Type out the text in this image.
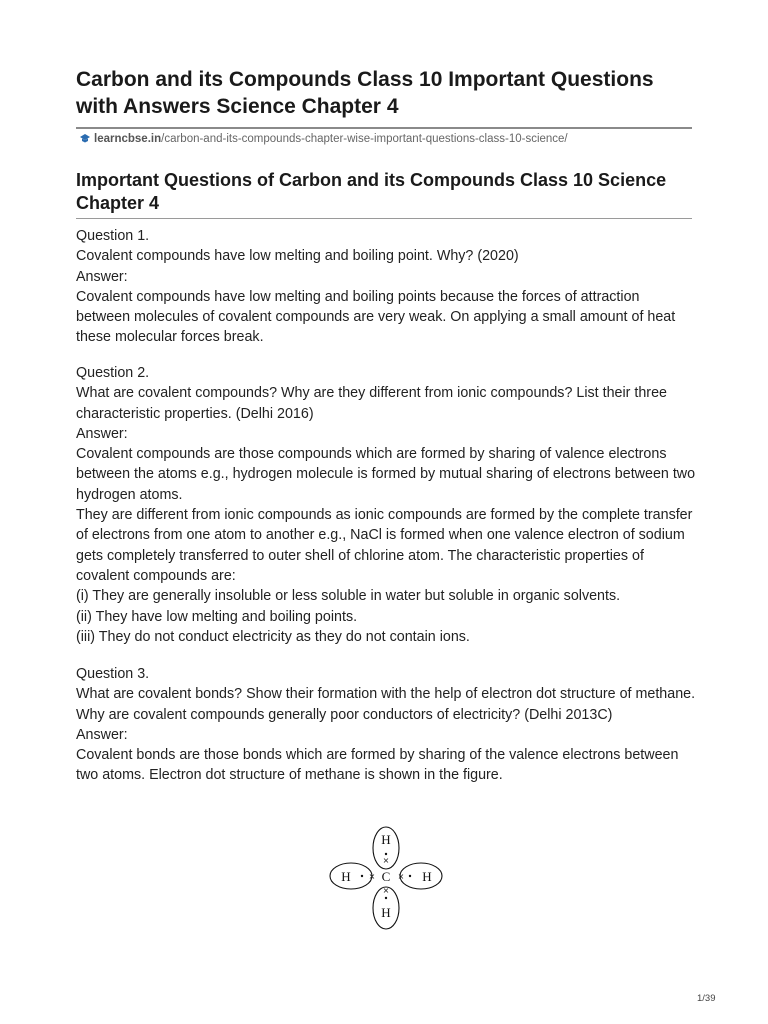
Carbon and its Compounds Class 10 Important Questions with Answers Science Chapter 4
learncbse.in/carbon-and-its-compounds-chapter-wise-important-questions-class-10-science/
Important Questions of Carbon and its Compounds Class 10 Science Chapter 4

Question 1.

Covalent compounds have low melting and boiling point. Why? (2020)

Answer:

Covalent compounds have low melting and boiling points because the forces of attraction between molecules of covalent compounds are very weak. On applying a small amount of heat these molecular forces break.

Question 2.

What are covalent compounds? Why are they different from ionic compounds? List their three characteristic properties. (Delhi 2016)

Answer:

Covalent compounds are those compounds which are formed by sharing of valence electrons between the atoms e.g., hydrogen molecule is formed by mutual sharing of electrons between two hydrogen atoms.

They are different from ionic compounds as ionic compounds are formed by the complete transfer of electrons from one atom to another e.g., NaCl is formed when one valence electron of sodium gets completely transferred to outer shell of chlorine atom. The characteristic properties of covalent compounds are:

(i) They are generally insoluble or less soluble in water but soluble in organic solvents.

(ii) They have low melting and boiling points.

(iii) They do not conduct electricity as they do not contain ions.

Question 3.

What are covalent bonds? Show their formation with the help of electron dot structure of methane. Why are covalent compounds generally poor conductors of electricity? (Delhi 2013C)

Answer:

Covalent bonds are those bonds which are formed by sharing of the valence electrons between two atoms. Electron dot structure of methane is shown in the figure.

H
H
H	H
C
×
×
×	×
1/39
